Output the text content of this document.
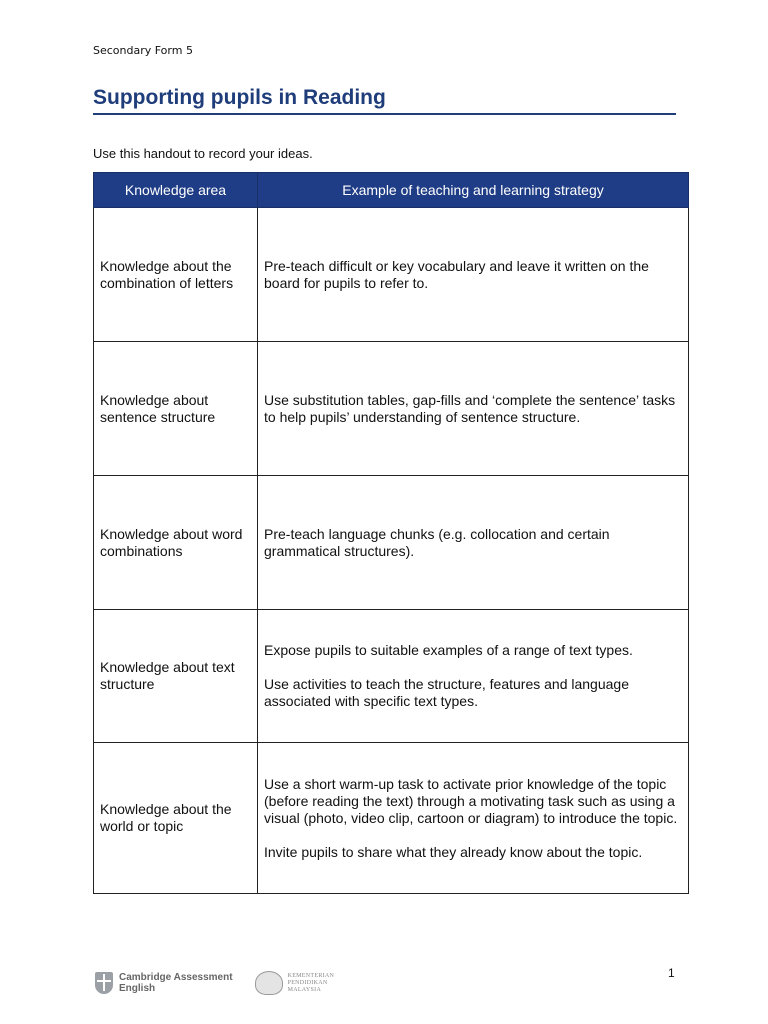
Secondary Form 5
Supporting pupils in Reading
Use this handout to record your ideas.
Knowledge area	Example of teaching and learning strategy
Knowledge about the combination of letters	Pre-teach difficult or key vocabulary and leave it written on the board for pupils to refer to.

Knowledge about sentence structure	Use substitution tables, gap-fills and ‘complete the sentence’ tasks to help pupils’ understanding of sentence structure.

Knowledge about word combinations	Pre-teach language chunks (e.g. collocation and certain grammatical structures).

Knowledge about text structure	Expose pupils to suitable examples of a range of text types.

Use activities to teach the structure, features and language associated with specific text types.

Knowledge about the world or topic	Use a short warm-up task to activate prior knowledge of the topic (before reading the text) through a motivating task such as using a visual (photo, video clip, cartoon or diagram) to introduce the topic.

Invite pupils to share what they already know about the topic.

Cambridge Assessment
English
KEMENTERIAN
PENDIDIKAN
MALAYSIA
1
